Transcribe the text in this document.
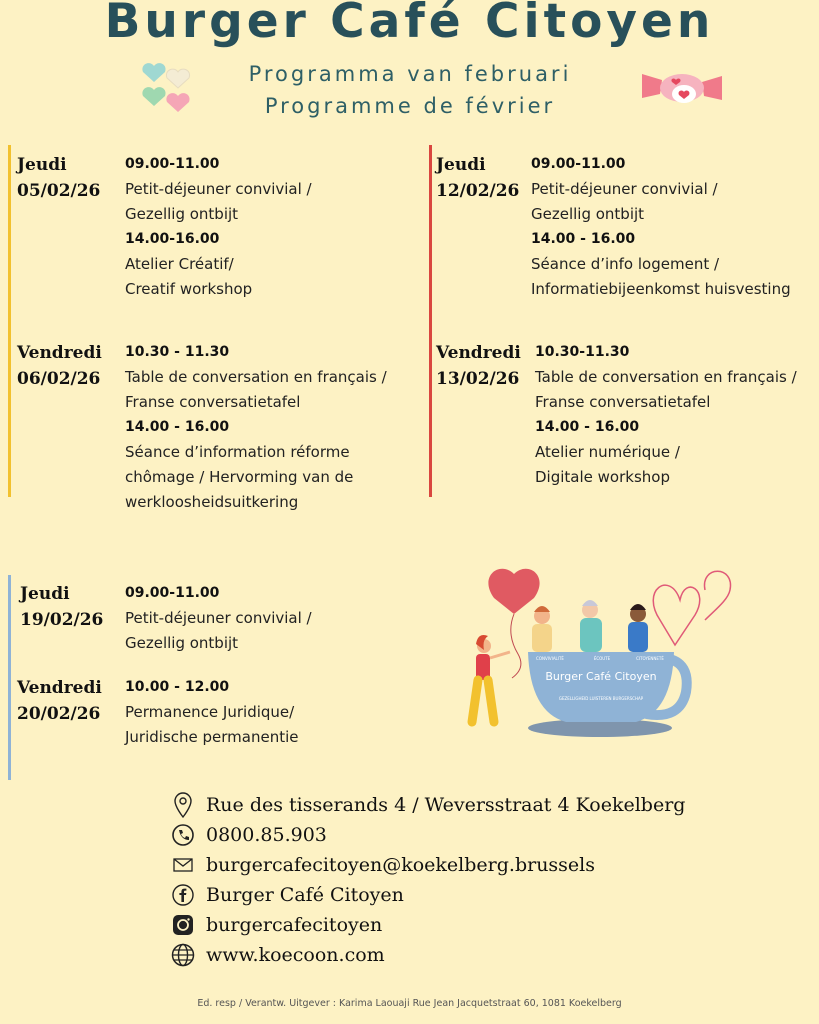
Burger Café Citoyen
Programma van februari
Programme de février
Jeudi
05/02/26
09.00-11.00
Petit-déjeuner convivial /
Gezellig ontbijt
14.00-16.00
Atelier Créatif/
Creatif workshop
Vendredi
06/02/26
10.30 - 11.30
Table de conversation en français /
Franse conversatietafel
14.00 - 16.00
Séance d’information réforme
chômage / Hervorming van de
werkloosheidsuitkering
Jeudi
12/02/26
09.00-11.00
Petit-déjeuner convivial /
Gezellig ontbijt
14.00 - 16.00
Séance d’info logement /
Informatiebijeenkomst huisvesting
Vendredi
13/02/26
10.30-11.30
Table de conversation en français /
Franse conversatietafel
14.00 - 16.00
Atelier numérique /
Digitale workshop
Jeudi
19/02/26
09.00-11.00
Petit-déjeuner convivial /
Gezellig ontbijt
Vendredi
20/02/26
10.00 - 12.00
Permanence Juridique/
Juridische permanentie
Burger Café Citoyen
CONVIVIALITÉ	ÉCOUTE	CITOYENNETÉ
GEZELLIGHEID LUISTEREN BURGERSCHAP
Rue des tisserands 4 / Weversstraat 4 Koekelberg
0800.85.903
burgercafecitoyen@koekelberg.brussels
Burger Café Citoyen
burgercafecitoyen
www.koecoon.com
Ed. resp / Verantw. Uitgever : Karima Laouaji Rue Jean Jacquetstraat 60, 1081 Koekelberg
